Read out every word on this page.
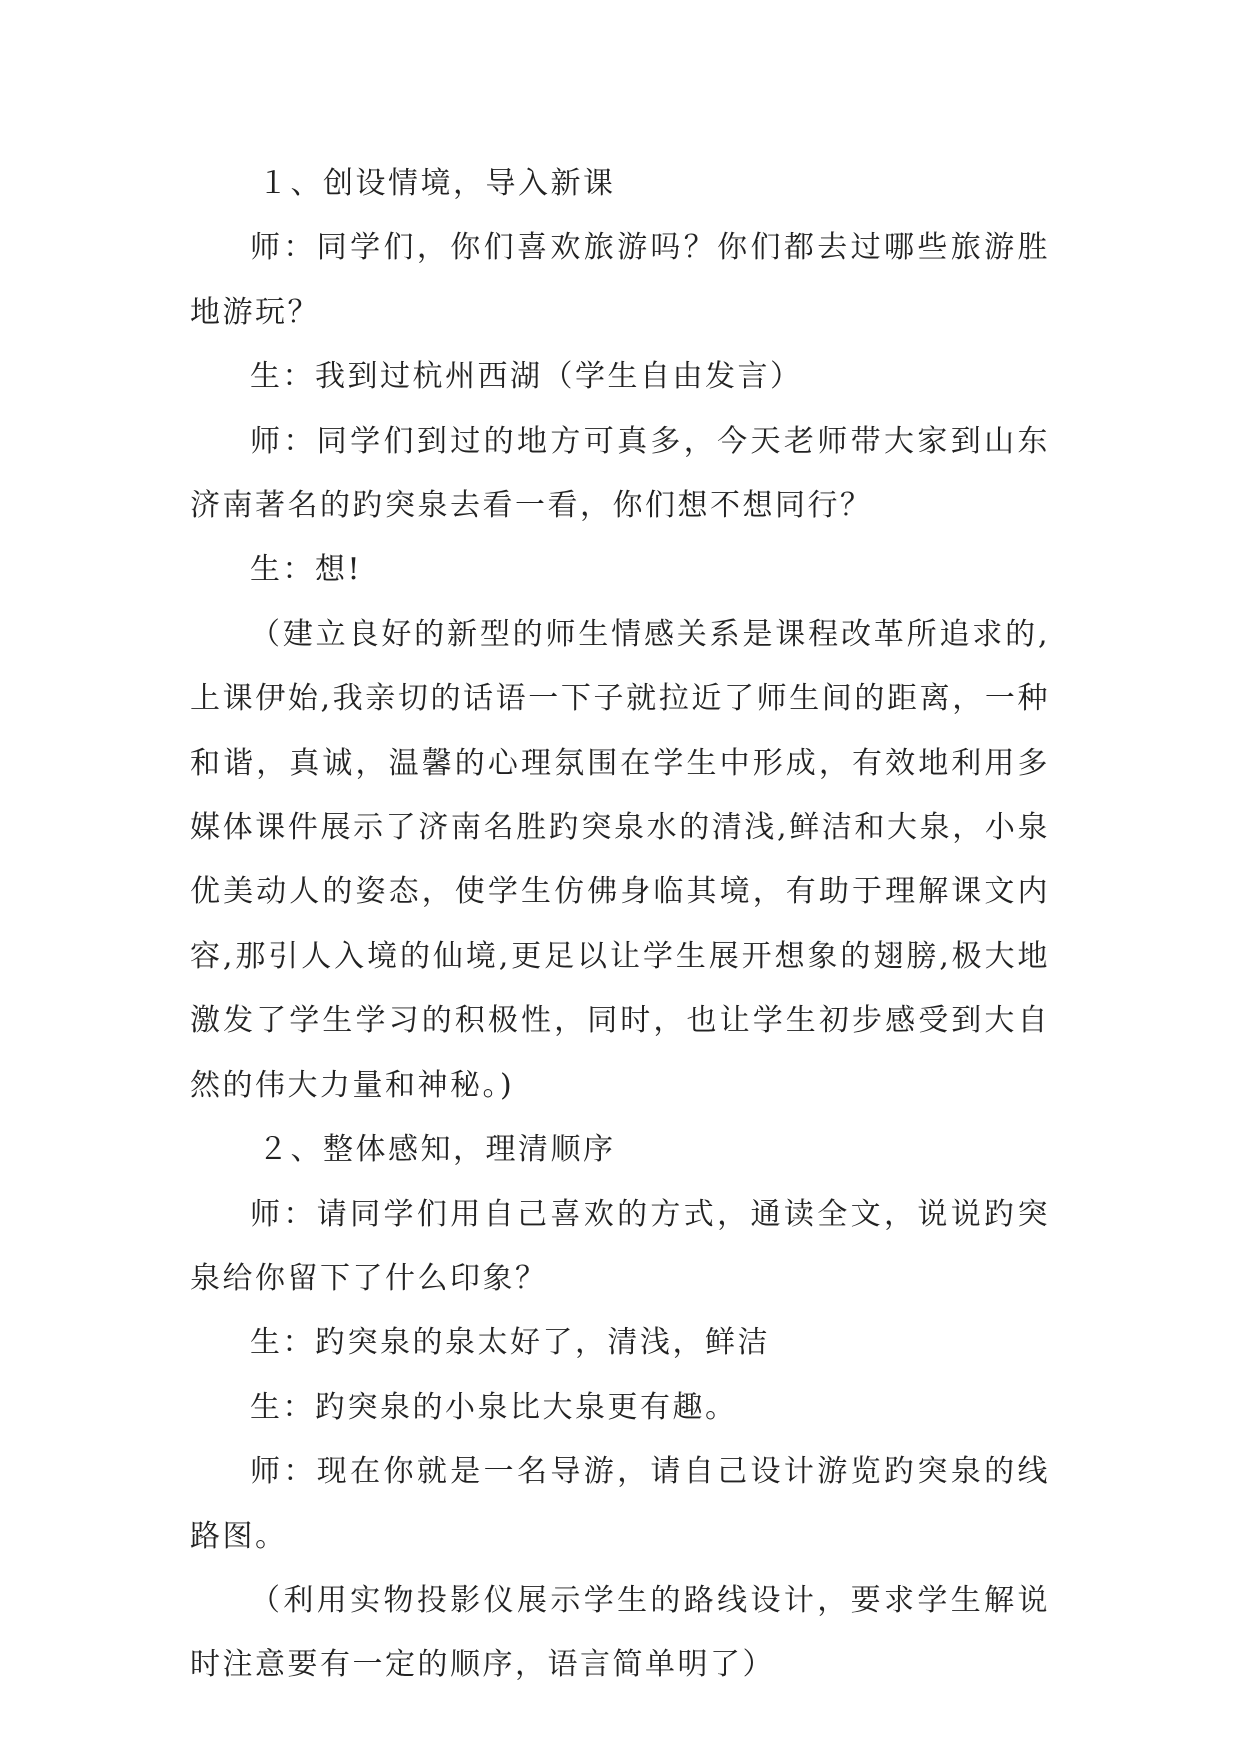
１、创设情境，导入新课

师：同学们，你们喜欢旅游吗？你们都去过哪些旅游胜地游玩？

生：我到过杭州西湖（学生自由发言）

师：同学们到过的地方可真多，今天老师带大家到山东济南著名的趵突泉去看一看，你们想不想同行？

生：想!

（建立良好的新型的师生情感关系是课程改革所追求的,上课伊始,我亲切的话语一下子就拉近了师生间的距离，一种和谐，真诚，温馨的心理氛围在学生中形成，有效地利用多媒体课件展示了济南名胜趵突泉水的清浅,鲜洁和大泉，小泉优美动人的姿态，使学生仿佛身临其境，有助于理解课文内容,那引人入境的仙境,更足以让学生展开想象的翅膀,极大地激发了学生学习的积极性，同时，也让学生初步感受到大自然的伟大力量和神秘。)

２、整体感知，理清顺序

师：请同学们用自己喜欢的方式，通读全文，说说趵突泉给你留下了什么印象？

生：趵突泉的泉太好了，清浅，鲜洁

生：趵突泉的小泉比大泉更有趣。

师：现在你就是一名导游，请自己设计游览趵突泉的线路图。

（利用实物投影仪展示学生的路线设计，要求学生解说时注意要有一定的顺序，语言简单明了）
